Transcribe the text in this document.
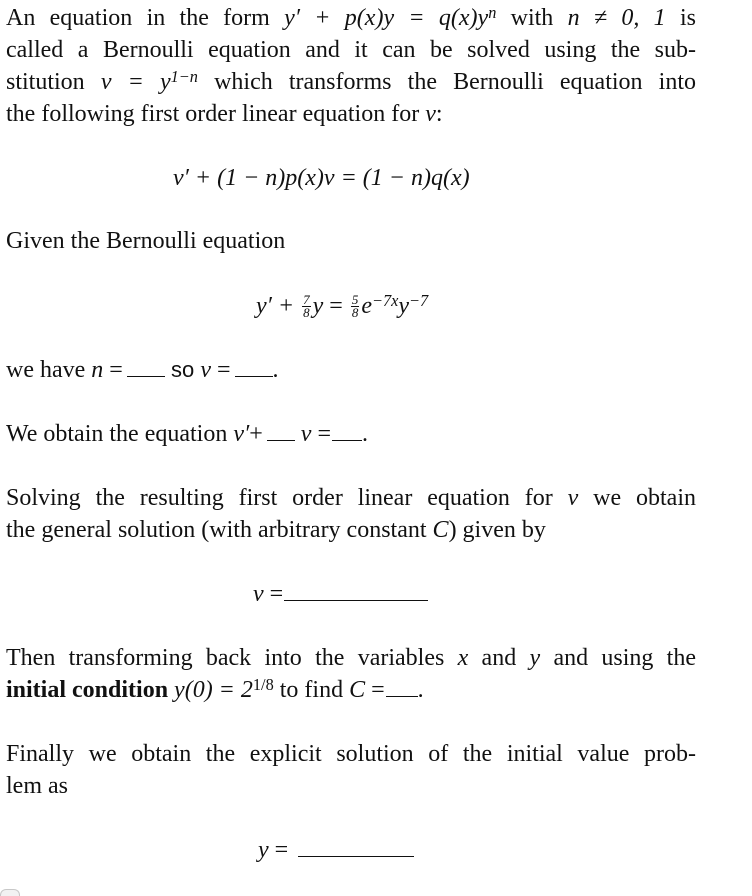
An equation in the form $y' + p(x)y = q(x)y^n$ with n ≠ 0, 1 is
called a Bernoulli equation and it can be solved using the sub-
stitution $v = y^{1-n}$ which transforms the Bernoulli equation into
the following first order linear equation for v:
v′ + (1 − n)p(x)v = (1 − n)q(x)
Given the Bernoulli equation
$y' + \frac{7}{8}$ $y = \frac{5}{8} e^{-7x}y^{-7}$
we have n = so v = .
We obtain the equation v′+ v = .
Solving the resulting first order linear equation for v we obtain
the general solution (with arbitrary constant C) given by
v =
Then transforming back into the variables x and y and using the
initial condition $y(0) = 2^{1/8}$ to find C = .
Finally we obtain the explicit solution of the initial value prob-
lem as
y =
